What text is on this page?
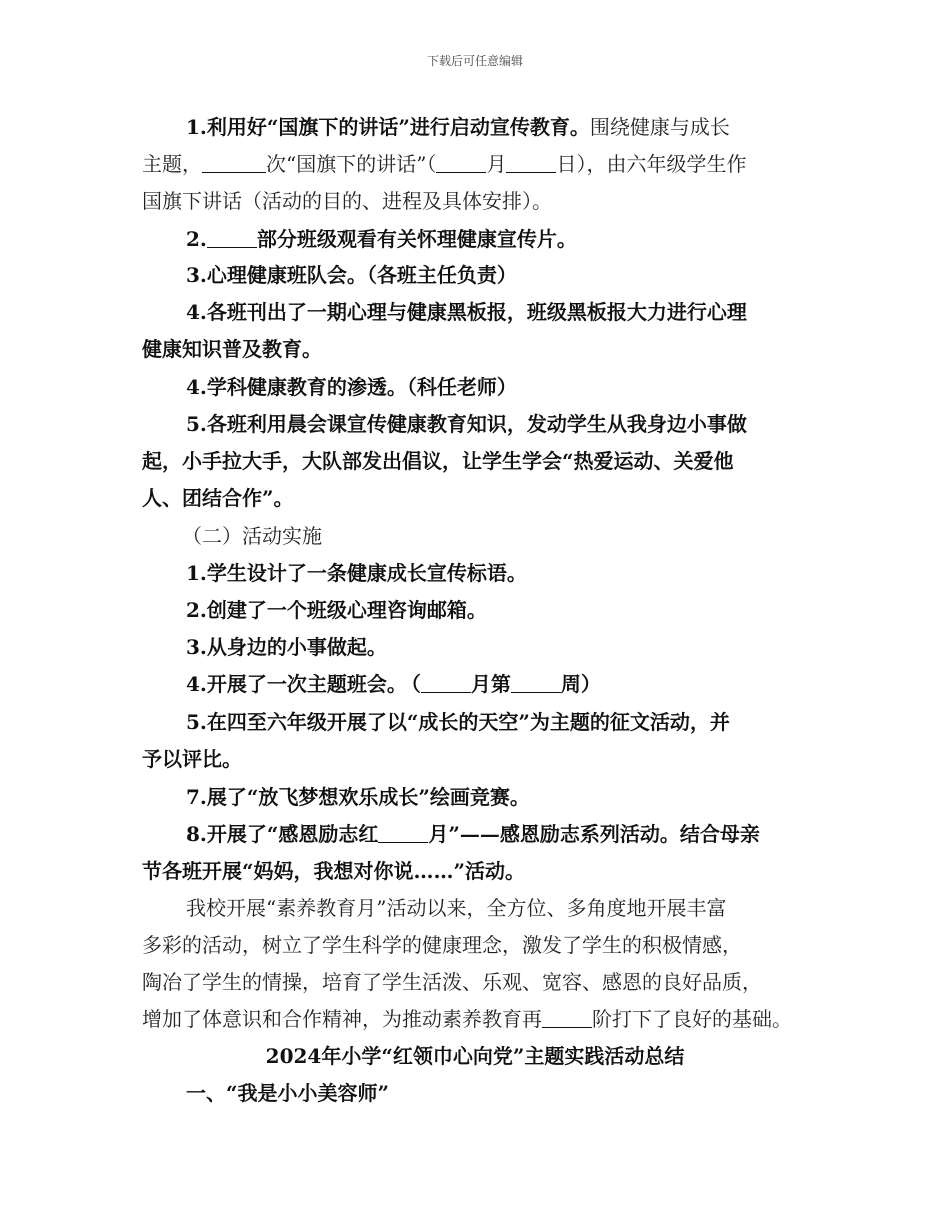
下载后可任意编辑
1.利用好“国旗下的讲话”进行启动宣传教育。围绕健康与成长
主题，	次“国旗下的讲话”（	月	日），由六年级学生作
国旗下讲话（活动的目的、进程及具体安排）。
2.	部分班级观看有关怀理健康宣传片。
3.心理健康班队会。（各班主任负责）
4.各班刊出了一期心理与健康黑板报，班级黑板报大力进行心理
健康知识普及教育。
4.学科健康教育的渗透。（科任老师）
5.各班利用晨会课宣传健康教育知识，发动学生从我身边小事做
起，小手拉大手，大队部发出倡议，让学生学会“热爱运动、关爱他
人、团结合作”。
（二）活动实施
1.学生设计了一条健康成长宣传标语。
2.创建了一个班级心理咨询邮箱。
3.从身边的小事做起。
4.开展了一次主题班会。 （	月第	周）
5.在四至六年级开展了以“成长的天空”为主题的征文活动，并
予以评比。
7.展了“放飞梦想欢乐成长”绘画竞赛。
8.开展了“感恩励志红	月”——感恩励志系列活动。结合母亲
节各班开展“妈妈，我想对你说……”活动。
我校开展“素养教育月”活动以来，全方位、多角度地开展丰富
多彩的活动，树立了学生科学的健康理念，激发了学生的积极情感，
陶冶了学生的情操，培育了学生活泼、乐观、宽容、感恩的良好品质，
增加了体意识和合作精神，为推动素养教育再	阶打下了良好的基础。
2024年小学“红领巾心向党”主题实践活动总结
一、“我是小小美容师”
